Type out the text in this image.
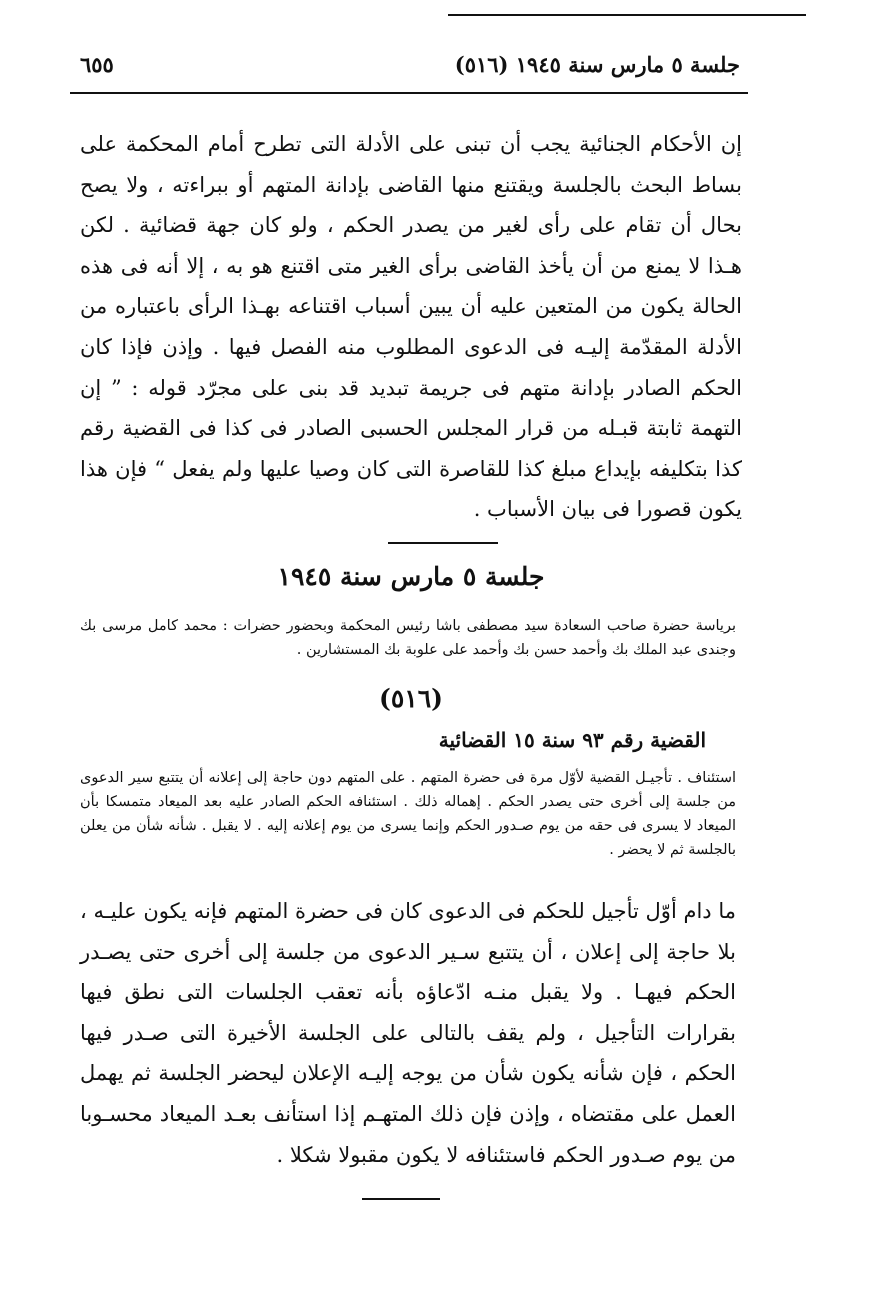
جلسة ٥ مارس سنة ١٩٤٥ (٥١٦)
٦٥٥

إن الأحكام الجنائية يجب أن تبنى على الأدلة التى تطرح أمام المحكمة على بساط البحث بالجلسة ويقتنع منها القاضى بإدانة المتهم أو ببراءته ، ولا يصح بحال أن تقام على رأى لغير من يصدر الحكم ، ولو كان جهة قضائية . لكن هـذا لا يمنع من أن يأخذ القاضى برأى الغير متى اقتنع هو به ، إلا أنه فى هذه الحالة يكون من المتعين عليه أن يبين أسباب اقتناعه بهـذا الرأى باعتباره من الأدلة المقدّمة إليـه فى الدعوى المطلوب منه الفصل فيها . وإذن فإذا كان الحكم الصادر بإدانة متهم فى جريمة تبديد قد بنى على مجرّد قوله : ” إن التهمة ثابتة قبـله من قرار المجلس الحسبى الصادر فى كذا فى القضية رقم كذا بتكليفه بإيداع مبلغ كذا للقاصرة التى كان وصيا عليها ولم يفعل “ فإن هذا يكون قصورا فى بيان الأسباب .

جلسة ٥ مارس سنة ١٩٤٥

برياسة حضرة صاحب السعادة سيد مصطفى باشا رئيس المحكمة وبحضور حضرات : محمد كامل مرسى بك وجندى عبد الملك بك وأحمد حسن بك وأحمد على علوبة بك المستشارين .

(٥١٦)
القضية رقم ٩٣ سنة ١٥ القضائية

استئناف . تأجيـل القضية لأوّل مرة فى حضرة المتهم . على المتهم دون حاجة إلى إعلانه أن يتتبع سير الدعوى من جلسة إلى أخرى حتى يصدر الحكم . إهماله ذلك . استئنافه الحكم الصادر عليه بعد الميعاد متمسكا بأن الميعاد لا يسرى فى حقه من يوم صـدور الحكم وإنما يسرى من يوم إعلانه إليه . لا يقبل . شأنه شأن من يعلن بالجلسة ثم لا يحضر .

ما دام أوّل تأجيل للحكم فى الدعوى كان فى حضرة المتهم فإنه يكون عليـه ، بلا حاجة إلى إعلان ، أن يتتبع سـير الدعوى من جلسة إلى أخرى حتى يصـدر الحكم فيهـا . ولا يقبل منـه ادّعاؤه بأنه تعقب الجلسات التى نطق فيها بقرارات التأجيل ، ولم يقف بالتالى على الجلسة الأخيرة التى صـدر فيها الحكم ، فإن شأنه يكون شأن من يوجه إليـه الإعلان ليحضر الجلسة ثم يهمل العمل على مقتضاه ، وإذن فإن ذلك المتهـم إذا استأنف بعـد الميعاد محسـوبا من يوم صـدور الحكم فاستئنافه لا يكون مقبولا شكلا .
